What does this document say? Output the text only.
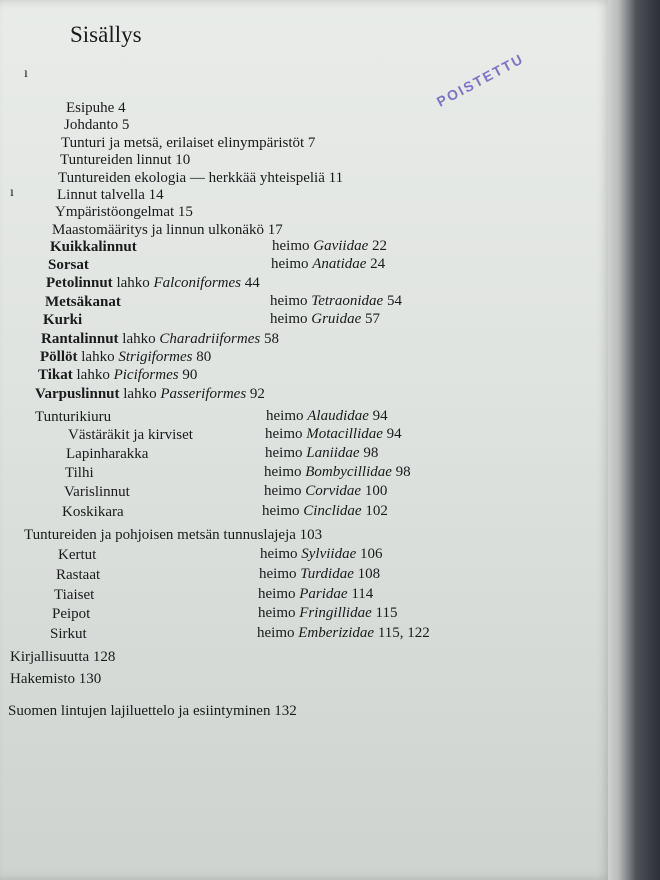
Sisällys
POISTETTU
ı
ı
Esipuhe 4
Johdanto 5
Tunturi ja metsä, erilaiset elinympäristöt 7
Tuntureiden linnut 10
Tuntureiden ekologia — herkkää yhteispeliä 11
Linnut talvella 14
Ympäristöongelmat 15
Maastomääritys ja linnun ulkonäkö 17
Kuikkalinnut	heimo Gaviidae 22
Sorsat	heimo Anatidae 24
Petolinnut lahko Falconiformes 44
Metsäkanat	heimo Tetraonidae 54
Kurki	heimo Gruidae 57
Rantalinnut lahko Charadriiformes 58
Pöllöt lahko Strigiformes 80
Tikat lahko Piciformes 90
Varpuslinnut lahko Passeriformes 92
Tunturikiuru	heimo Alaudidae 94
Västäräkit ja kirviset	heimo Motacillidae 94
Lapinharakka	heimo Laniidae 98
Tilhi	heimo Bombycillidae 98
Varislinnut	heimo Corvidae 100
Koskikara	heimo Cinclidae 102
Tuntureiden ja pohjoisen metsän tunnuslajeja 103
Kertut	heimo Sylviidae 106
Rastaat	heimo Turdidae 108
Tiaiset	heimo Paridae 114
Peipot	heimo Fringillidae 115
Sirkut	heimo Emberizidae 115, 122
Kirjallisuutta 128
Hakemisto 130
Suomen lintujen lajiluettelo ja esiintyminen 132
